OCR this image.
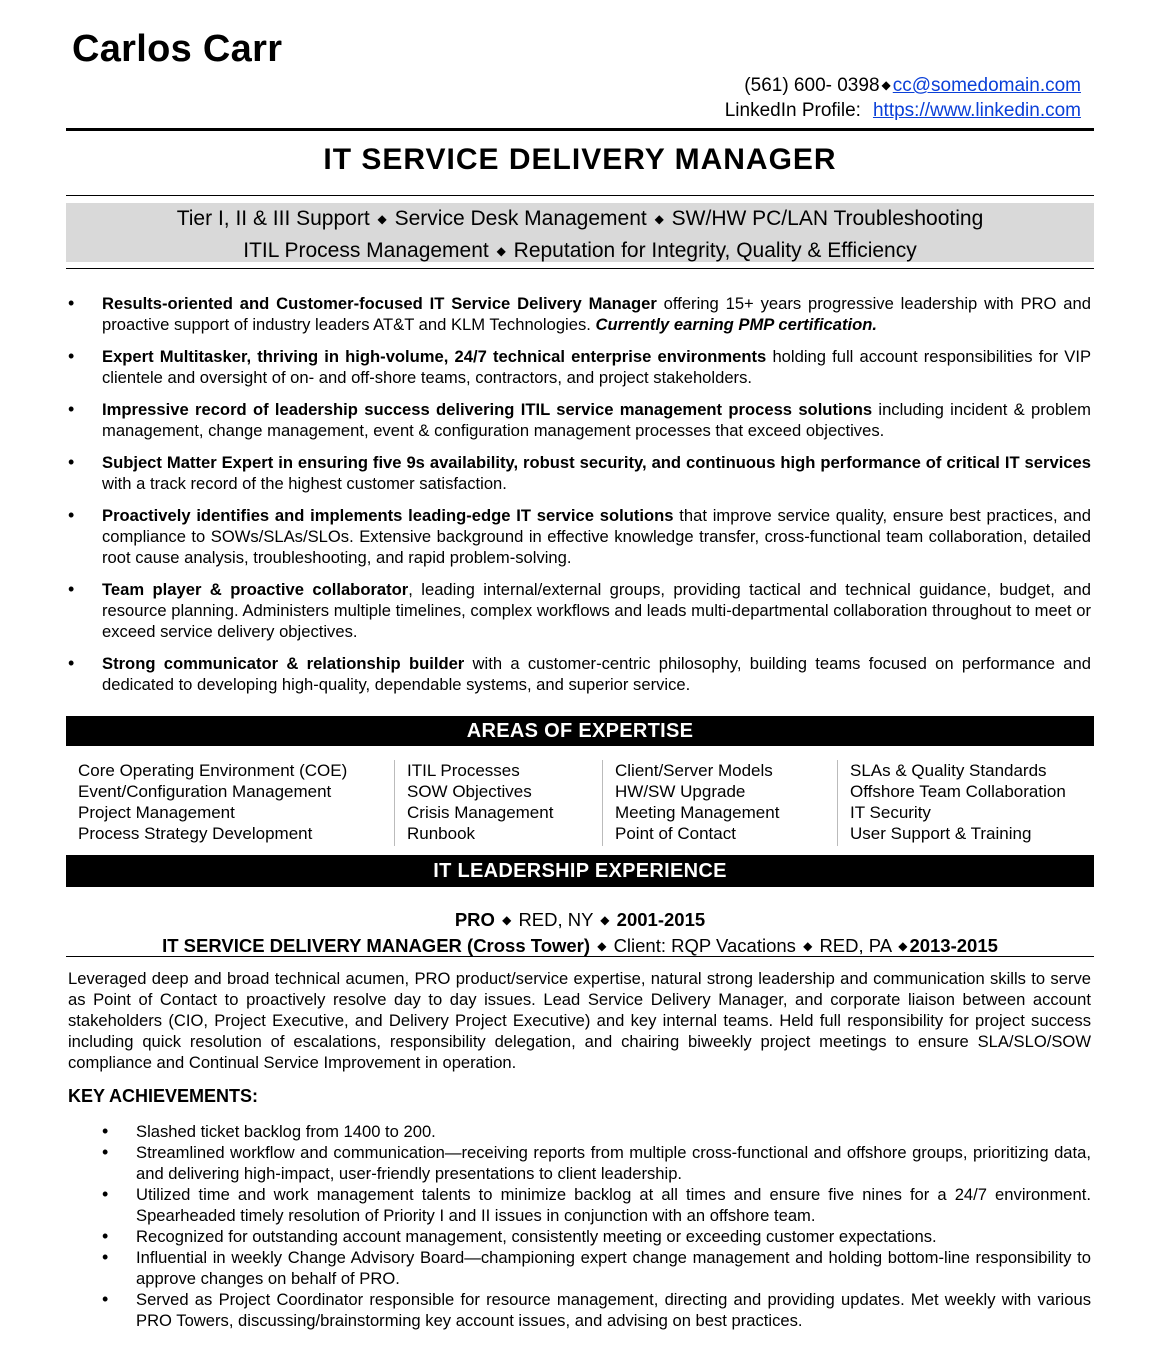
Carlos Carr
(561) 600- 0398 ◆ cc@somedomain.com
LinkedIn Profile: https://www.linkedin.com
IT SERVICE DELIVERY MANAGER
Tier I, II & III Support ◆ Service Desk Management ◆ SW/HW PC/LAN Troubleshooting
ITIL Process Management ◆ Reputation for Integrity, Quality & Efficiency
• Results-oriented and Customer-focused IT Service Delivery Manager offering 15+ years progressive leadership with PRO and proactive support of industry leaders AT&T and KLM Technologies. Currently earning PMP certification.
• Expert Multitasker, thriving in high-volume, 24/7 technical enterprise environments holding full account responsibilities for VIP clientele and oversight of on- and off-shore teams, contractors, and project stakeholders.
• Impressive record of leadership success delivering ITIL service management process solutions including incident & problem management, change management, event & configuration management processes that exceed objectives.
• Subject Matter Expert in ensuring five 9s availability, robust security, and continuous high performance of critical IT services with a track record of the highest customer satisfaction.
• Proactively identifies and implements leading-edge IT service solutions that improve service quality, ensure best practices, and compliance to SOWs/SLAs/SLOs. Extensive background in effective knowledge transfer, cross-functional team collaboration, detailed root cause analysis, troubleshooting, and rapid problem-solving.
• Team player & proactive collaborator, leading internal/external groups, providing tactical and technical guidance, budget, and resource planning. Administers multiple timelines, complex workflows and leads multi-departmental collaboration throughout to meet or exceed service delivery objectives.
• Strong communicator & relationship builder with a customer-centric philosophy, building teams focused on performance and dedicated to developing high-quality, dependable systems, and superior service.
AREAS OF EXPERTISE
Core Operating Environment (COE)
Event/Configuration Management
Project Management
Process Strategy Development
ITIL Processes
SOW Objectives
Crisis Management
Runbook
Client/Server Models
HW/SW Upgrade
Meeting Management
Point of Contact
SLAs & Quality Standards
Offshore Team Collaboration
IT Security
User Support & Training
IT LEADERSHIP EXPERIENCE
PRO ◆ RED, NY ◆ 2001-2015
IT SERVICE DELIVERY MANAGER (Cross Tower) ◆ Client: RQP Vacations ◆ RED, PA ◆ 2013-2015
Leveraged deep and broad technical acumen, PRO product/service expertise, natural strong leadership and communication skills to serve as Point of Contact to proactively resolve day to day issues. Lead Service Delivery Manager, and corporate liaison between account stakeholders (CIO, Project Executive, and Delivery Project Executive) and key internal teams. Held full responsibility for project success including quick resolution of escalations, responsibility delegation, and chairing biweekly project meetings to ensure SLA/SLO/SOW compliance and Continual Service Improvement in operation.
KEY ACHIEVEMENTS:
• Slashed ticket backlog from 1400 to 200.
• Streamlined workflow and communication—receiving reports from multiple cross-functional and offshore groups, prioritizing data, and delivering high-impact, user-friendly presentations to client leadership.
• Utilized time and work management talents to minimize backlog at all times and ensure five nines for a 24/7 environment. Spearheaded timely resolution of Priority I and II issues in conjunction with an offshore team.
• Recognized for outstanding account management, consistently meeting or exceeding customer expectations.
• Influential in weekly Change Advisory Board—championing expert change management and holding bottom-line responsibility to approve changes on behalf of PRO.
• Served as Project Coordinator responsible for resource management, directing and providing updates. Met weekly with various PRO Towers, discussing/brainstorming key account issues, and advising on best practices.
